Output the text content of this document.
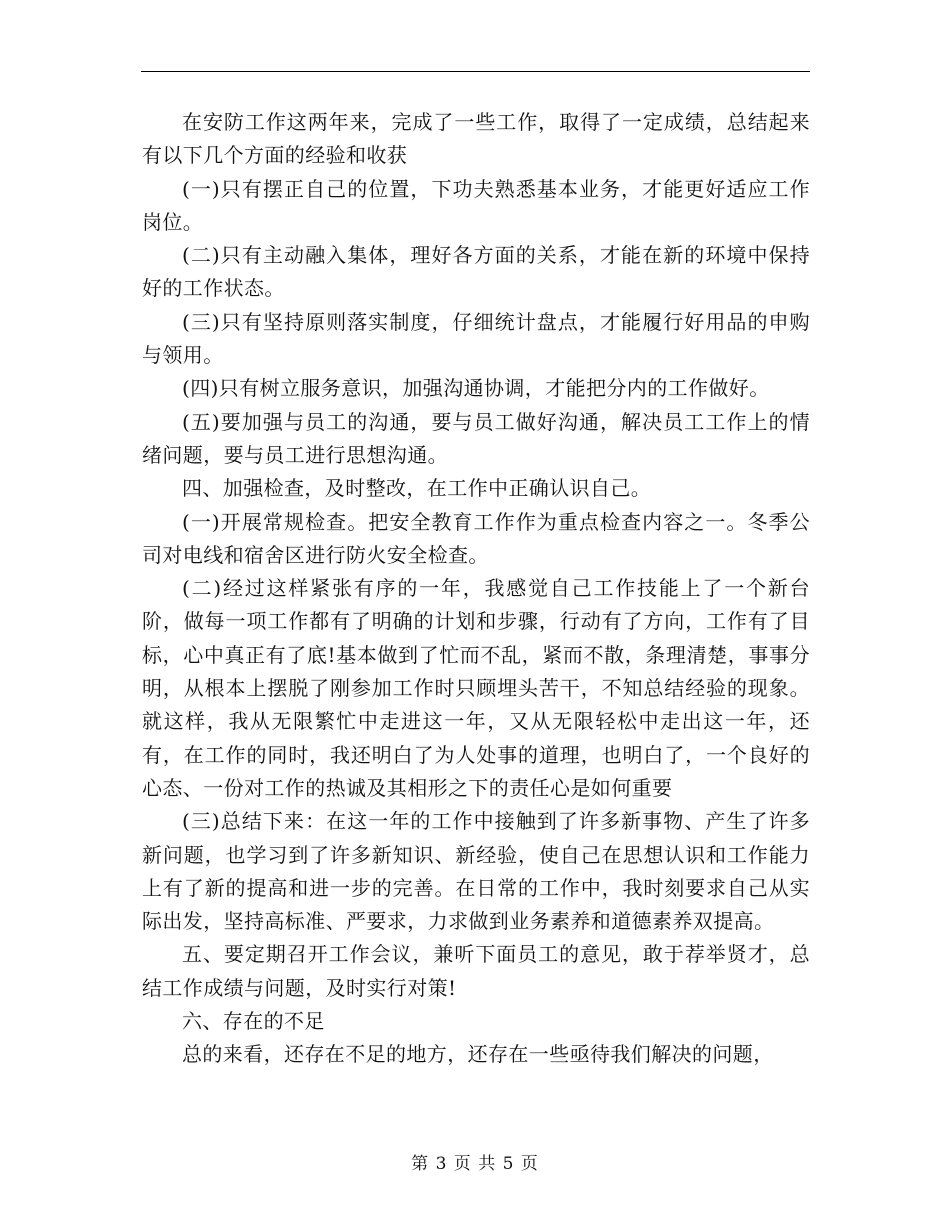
在安防工作这两年来，完成了一些工作，取得了一定成绩，总结起来有以下几个方面的经验和收获

(一)只有摆正自己的位置，下功夫熟悉基本业务，才能更好适应工作岗位。

(二)只有主动融入集体，理好各方面的关系，才能在新的环境中保持好的工作状态。

(三)只有坚持原则落实制度，仔细统计盘点，才能履行好用品的申购与领用。

(四)只有树立服务意识，加强沟通协调，才能把分内的工作做好。

(五)要加强与员工的沟通，要与员工做好沟通，解决员工工作上的情绪问题，要与员工进行思想沟通。

四、加强检查，及时整改，在工作中正确认识自己。

(一)开展常规检查。把安全教育工作作为重点检查内容之一。冬季公司对电线和宿舍区进行防火安全检查。

(二)经过这样紧张有序的一年，我感觉自己工作技能上了一个新台阶，做每一项工作都有了明确的计划和步骤，行动有了方向，工作有了目标，心中真正有了底!基本做到了忙而不乱，紧而不散，条理清楚，事事分明，从根本上摆脱了刚参加工作时只顾埋头苦干，不知总结经验的现象。就这样，我从无限繁忙中走进这一年，又从无限轻松中走出这一年，还有，在工作的同时，我还明白了为人处事的道理，也明白了，一个良好的心态、一份对工作的热诚及其相形之下的责任心是如何重要

(三)总结下来：在这一年的工作中接触到了许多新事物、产生了许多新问题，也学习到了许多新知识、新经验，使自己在思想认识和工作能力上有了新的提高和进一步的完善。在日常的工作中，我时刻要求自己从实际出发，坚持高标准、严要求，力求做到业务素养和道德素养双提高。

五、要定期召开工作会议，兼听下面员工的意见，敢于荐举贤才，总结工作成绩与问题，及时实行对策!

六、存在的不足

总的来看，还存在不足的地方，还存在一些亟待我们解决的问题，

第 3 页 共 5 页
